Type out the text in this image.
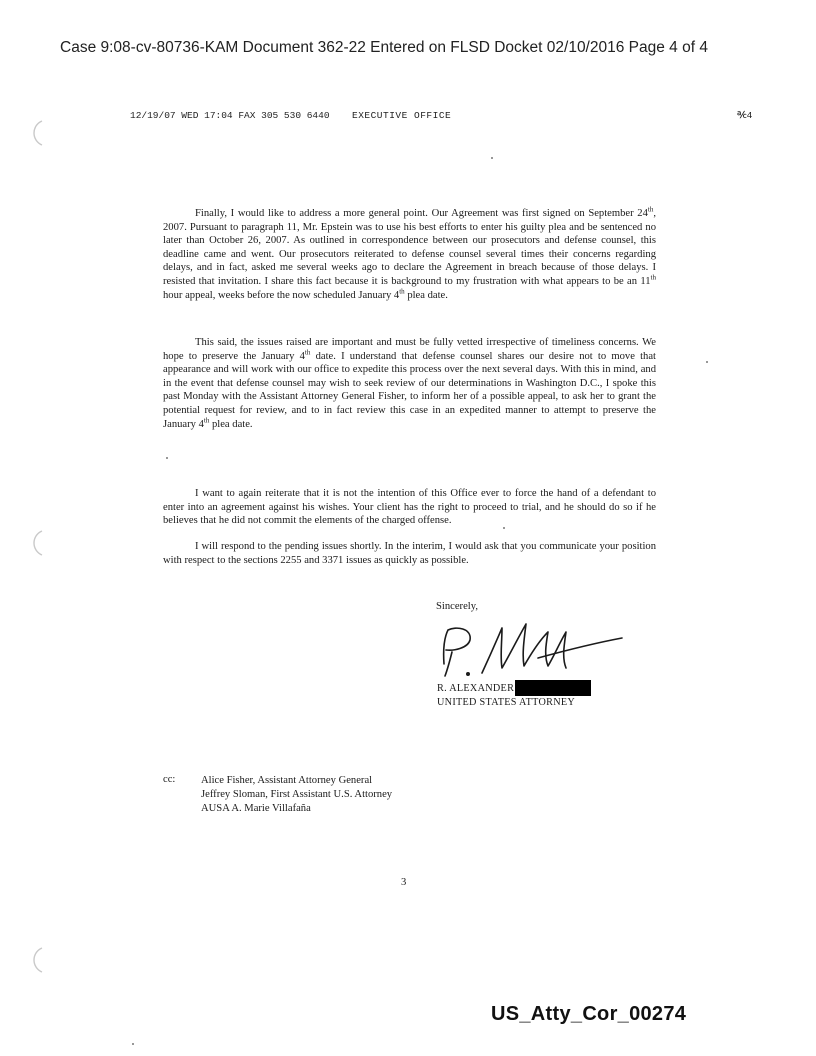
Case 9:08-cv-80736-KAM Document 362-22 Entered on FLSD Docket 02/10/2016 Page 4 of 4
12/19/07 WED 17:04 FAX 305 530 6440 EXECUTIVE OFFICE	℀4

Finally, I would like to address a more general point. Our Agreement was first signed on September 24th, 2007. Pursuant to paragraph 11, Mr. Epstein was to use his best efforts to enter his guilty plea and be sentenced no later than October 26, 2007. As outlined in correspondence between our prosecutors and defense counsel, this deadline came and went. Our prosecutors reiterated to defense counsel several times their concerns regarding delays, and in fact, asked me several weeks ago to declare the Agreement in breach because of those delays. I resisted that invitation. I share this fact because it is background to my frustration with what appears to be an 11th hour appeal, weeks before the now scheduled January 4th plea date.

This said, the issues raised are important and must be fully vetted irrespective of timeliness concerns. We hope to preserve the January 4th date. I understand that defense counsel shares our desire not to move that appearance and will work with our office to expedite this process over the next several days. With this in mind, and in the event that defense counsel may wish to seek review of our determinations in Washington D.C., I spoke this past Monday with the Assistant Attorney General Fisher, to inform her of a possible appeal, to ask her to grant the potential request for review, and to in fact review this case in an expedited manner to attempt to preserve the January 4th plea date.

I want to again reiterate that it is not the intention of this Office ever to force the hand of a defendant to enter into an agreement against his wishes. Your client has the right to proceed to trial, and he should do so if he believes that he did not commit the elements of the charged offense.

I will respond to the pending issues shortly. In the interim, I would ask that you communicate your position with respect to the sections 2255 and 3371 issues as quickly as possible.

Sincerely,
R. ALEXANDER
UNITED STATES ATTORNEY
cc: Alice Fisher, Assistant Attorney General
Jeffrey Sloman, First Assistant U.S. Attorney
AUSA A. Marie Villafaña
3
US_Atty_Cor_00274
